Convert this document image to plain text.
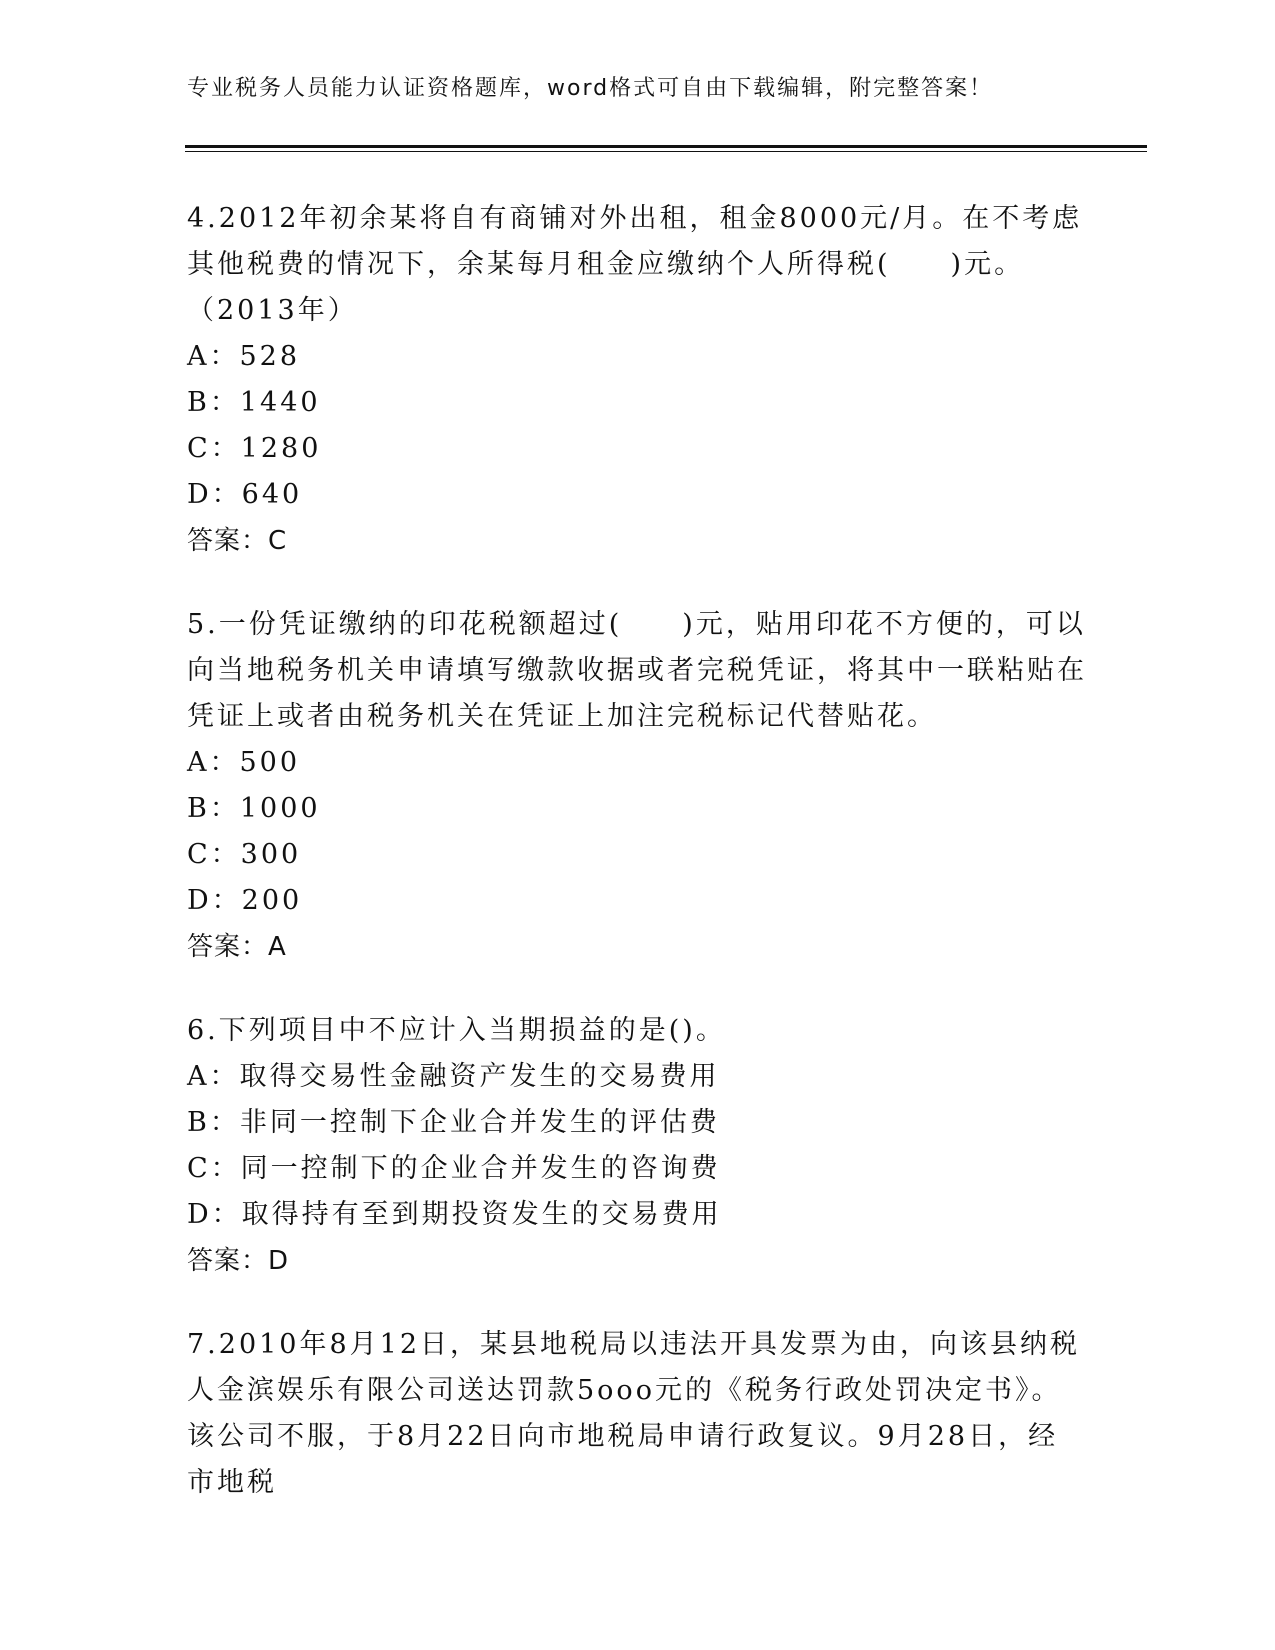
专业税务人员能力认证资格题库，word格式可自由下载编辑，附完整答案！

4.2012年初余某将自有商铺对外出租，租金8000元/月。在不考虑其他税费的情况下，余某每月租金应缴纳个人所得税(　　)元。（2013年）

A：528

B：1440

C：1280

D：640

答案：C

5.一份凭证缴纳的印花税额超过(　　)元，贴用印花不方便的，可以向当地税务机关申请填写缴款收据或者完税凭证，将其中一联粘贴在凭证上或者由税务机关在凭证上加注完税标记代替贴花。

A：500

B：1000

C：300

D：200

答案：A

6.下列项目中不应计入当期损益的是()。

A：取得交易性金融资产发生的交易费用

B：非同一控制下企业合并发生的评估费

C：同一控制下的企业合并发生的咨询费

D：取得持有至到期投资发生的交易费用

答案：D

7.2010年8月12日，某县地税局以违法开具发票为由，向该县纳税人金滨娱乐有限公司送达罚款5ooo元的《税务行政处罚决定书》。该公司不服，于8月22日向市地税局申请行政复议。9月28日，经市地税
